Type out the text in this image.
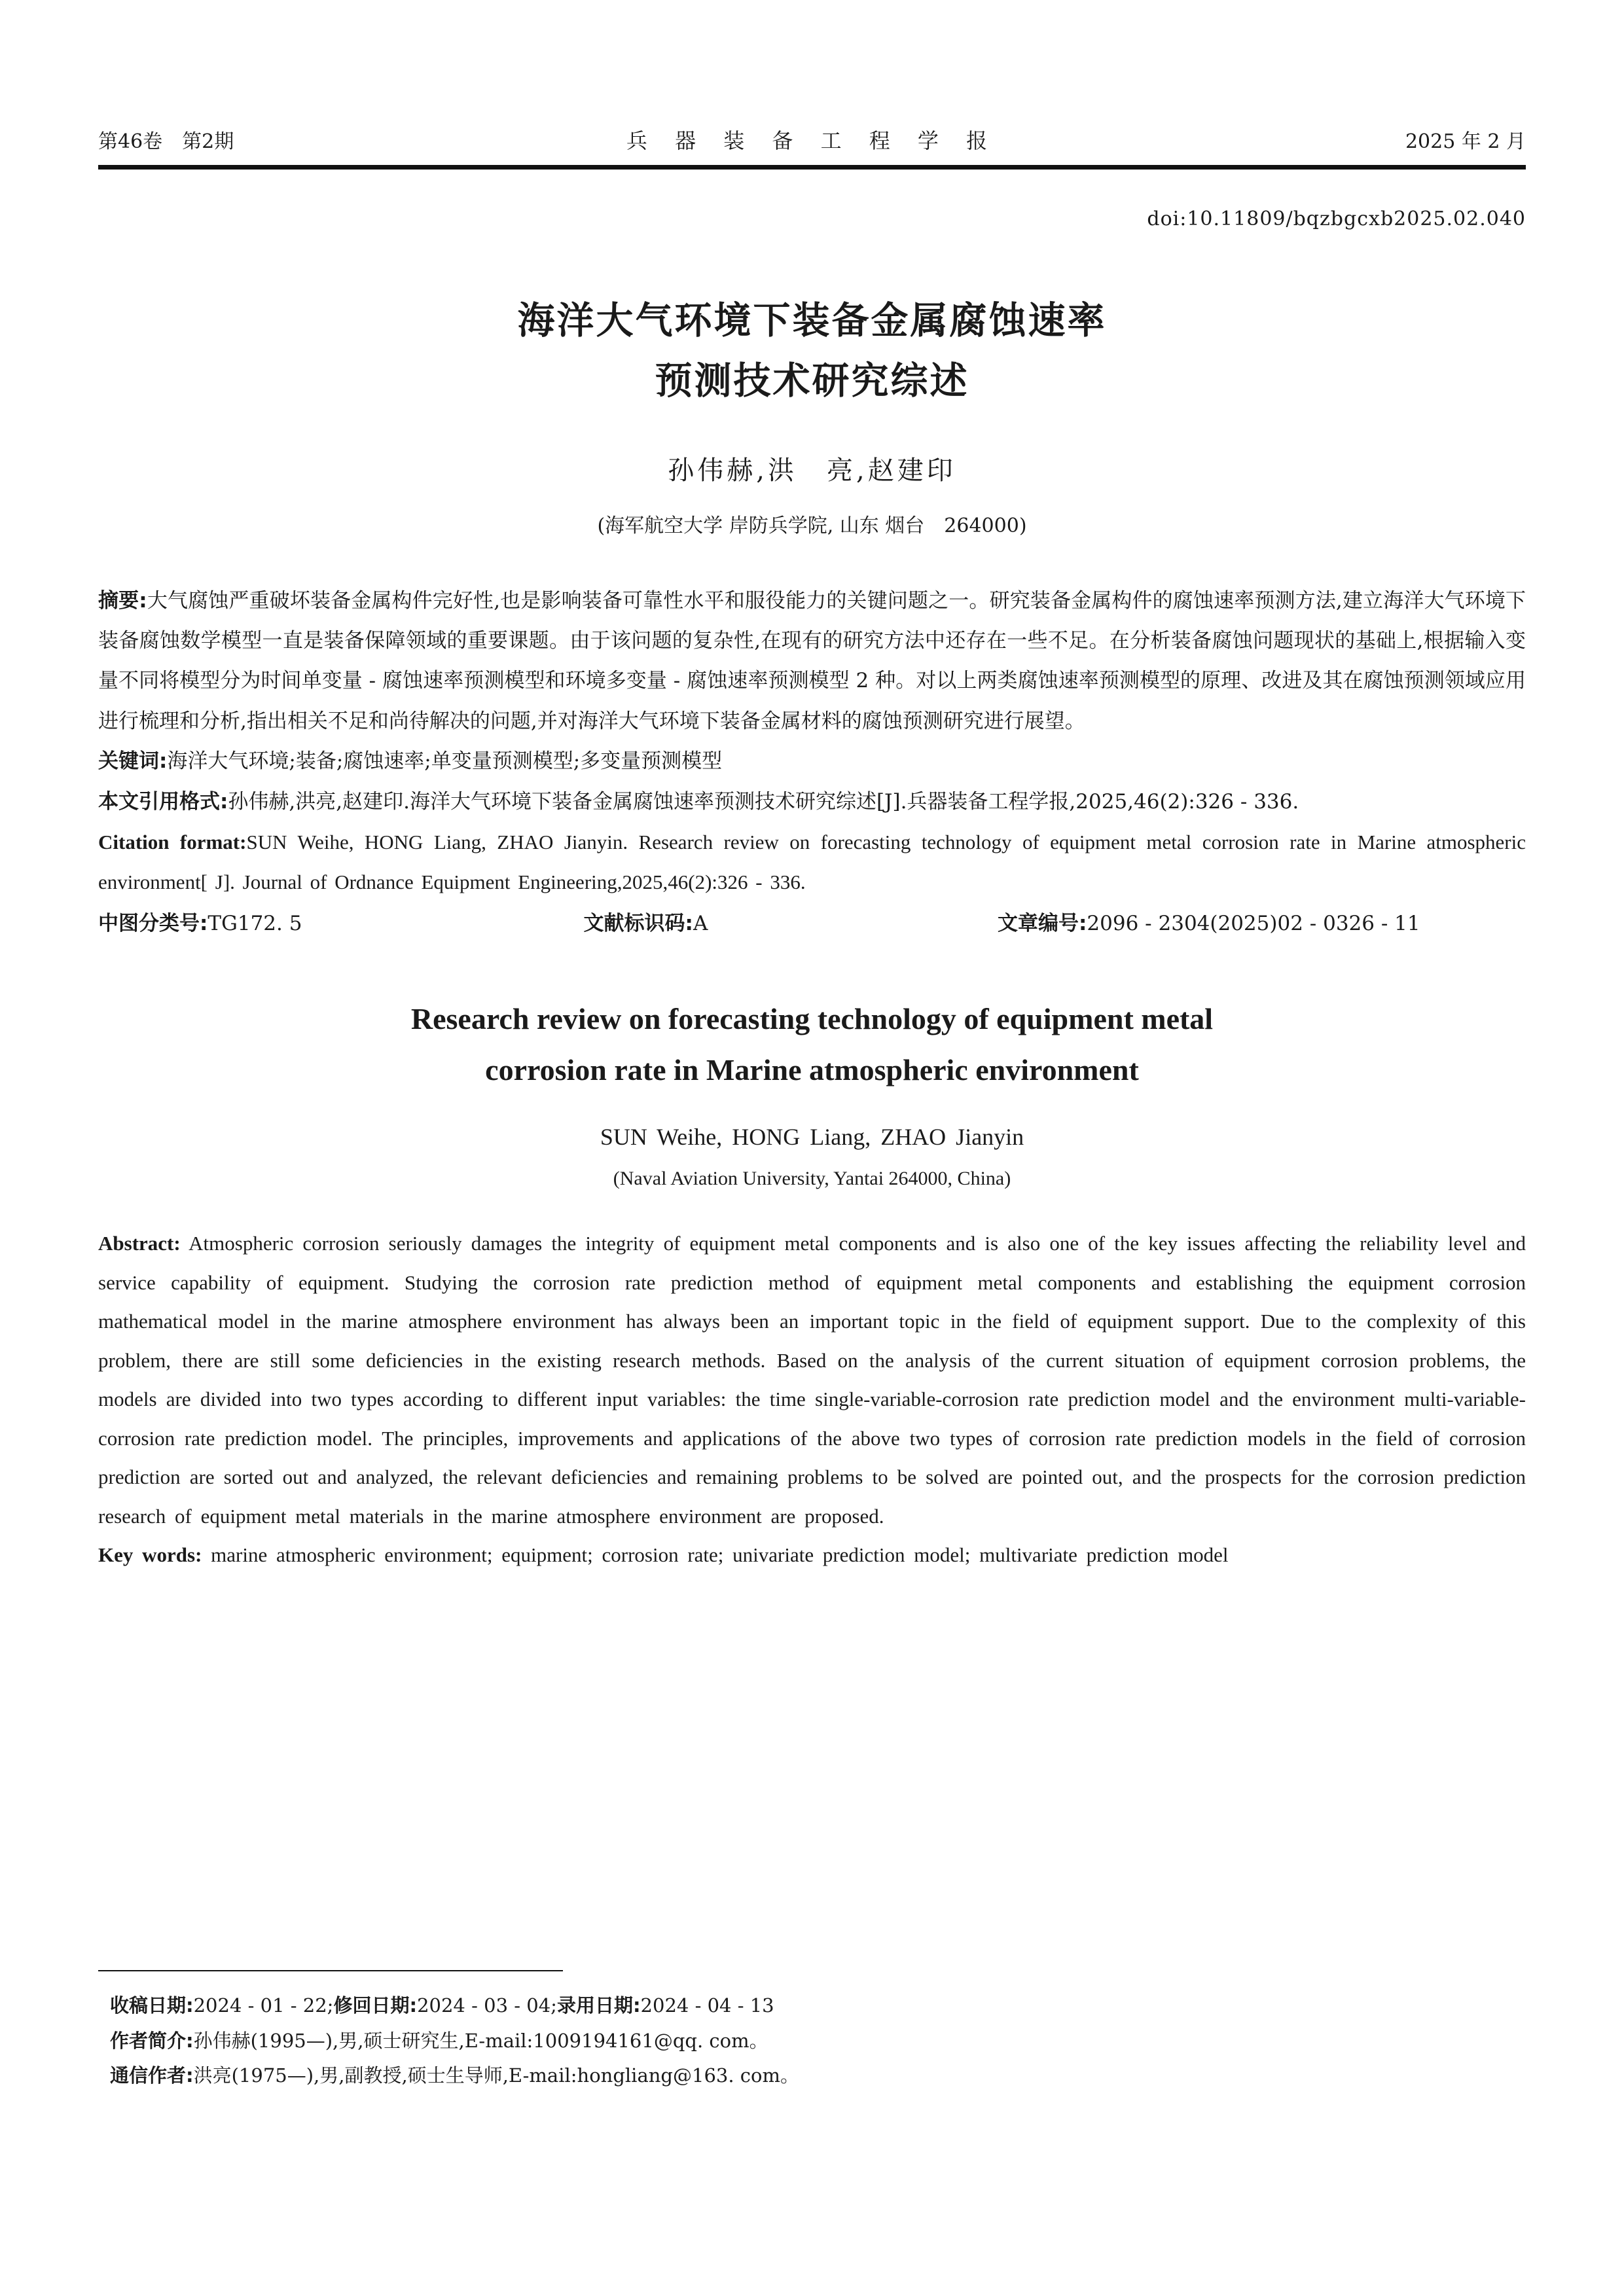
第46卷　第2期	兵 器 装 备 工 程 学 报	2025 年 2 月
doi:10.11809/bqzbgcxb2025.02.040
海洋大气环境下装备金属腐蚀速率
预测技术研究综述
孙伟赫,洪　亮,赵建印
(海军航空大学 岸防兵学院, 山东 烟台　264000)

摘要:大气腐蚀严重破坏装备金属构件完好性,也是影响装备可靠性水平和服役能力的关键问题之一。研究装备金属构件的腐蚀速率预测方法,建立海洋大气环境下装备腐蚀数学模型一直是装备保障领域的重要课题。由于该问题的复杂性,在现有的研究方法中还存在一些不足。在分析装备腐蚀问题现状的基础上,根据输入变量不同将模型分为时间单变量 - 腐蚀速率预测模型和环境多变量 - 腐蚀速率预测模型 2 种。对以上两类腐蚀速率预测模型的原理、改进及其在腐蚀预测领域应用进行梳理和分析,指出相关不足和尚待解决的问题,并对海洋大气环境下装备金属材料的腐蚀预测研究进行展望。

关键词:海洋大气环境;装备;腐蚀速率;单变量预测模型;多变量预测模型

本文引用格式:孙伟赫,洪亮,赵建印.海洋大气环境下装备金属腐蚀速率预测技术研究综述[J].兵器装备工程学报,2025,46(2):326 - 336.

Citation format:SUN Weihe, HONG Liang, ZHAO Jianyin. Research review on forecasting technology of equipment metal corrosion rate in Marine atmospheric environment[ J]. Journal of Ordnance Equipment Engineering,2025,46(2):326 - 336.

中图分类号:TG172. 5	文献标识码:A	文章编号:2096 - 2304(2025)02 - 0326 - 11
Research review on forecasting technology of equipment metal
corrosion rate in Marine atmospheric environment
SUN Weihe, HONG Liang, ZHAO Jianyin
(Naval Aviation University, Yantai 264000, China)

Abstract: Atmospheric corrosion seriously damages the integrity of equipment metal components and is also one of the key issues affecting the reliability level and service capability of equipment. Studying the corrosion rate prediction method of equipment metal components and establishing the equipment corrosion mathematical model in the marine atmosphere environment has always been an important topic in the field of equipment support. Due to the complexity of this problem, there are still some deficiencies in the existing research methods. Based on the analysis of the current situation of equipment corrosion problems, the models are divided into two types according to different input variables: the time single-variable-corrosion rate prediction model and the environment multi-variable-corrosion rate prediction model. The principles, improvements and applications of the above two types of corrosion rate prediction models in the field of corrosion prediction are sorted out and analyzed, the relevant deficiencies and remaining problems to be solved are pointed out, and the prospects for the corrosion prediction research of equipment metal materials in the marine atmosphere environment are proposed.

Key words: marine atmospheric environment; equipment; corrosion rate; univariate prediction model; multivariate prediction model

收稿日期:2024 - 01 - 22;修回日期:2024 - 03 - 04;录用日期:2024 - 04 - 13

作者简介:孙伟赫(1995—),男,硕士研究生,E-mail:1009194161@qq. com。

通信作者:洪亮(1975—),男,副教授,硕士生导师,E-mail:hongliang@163. com。
